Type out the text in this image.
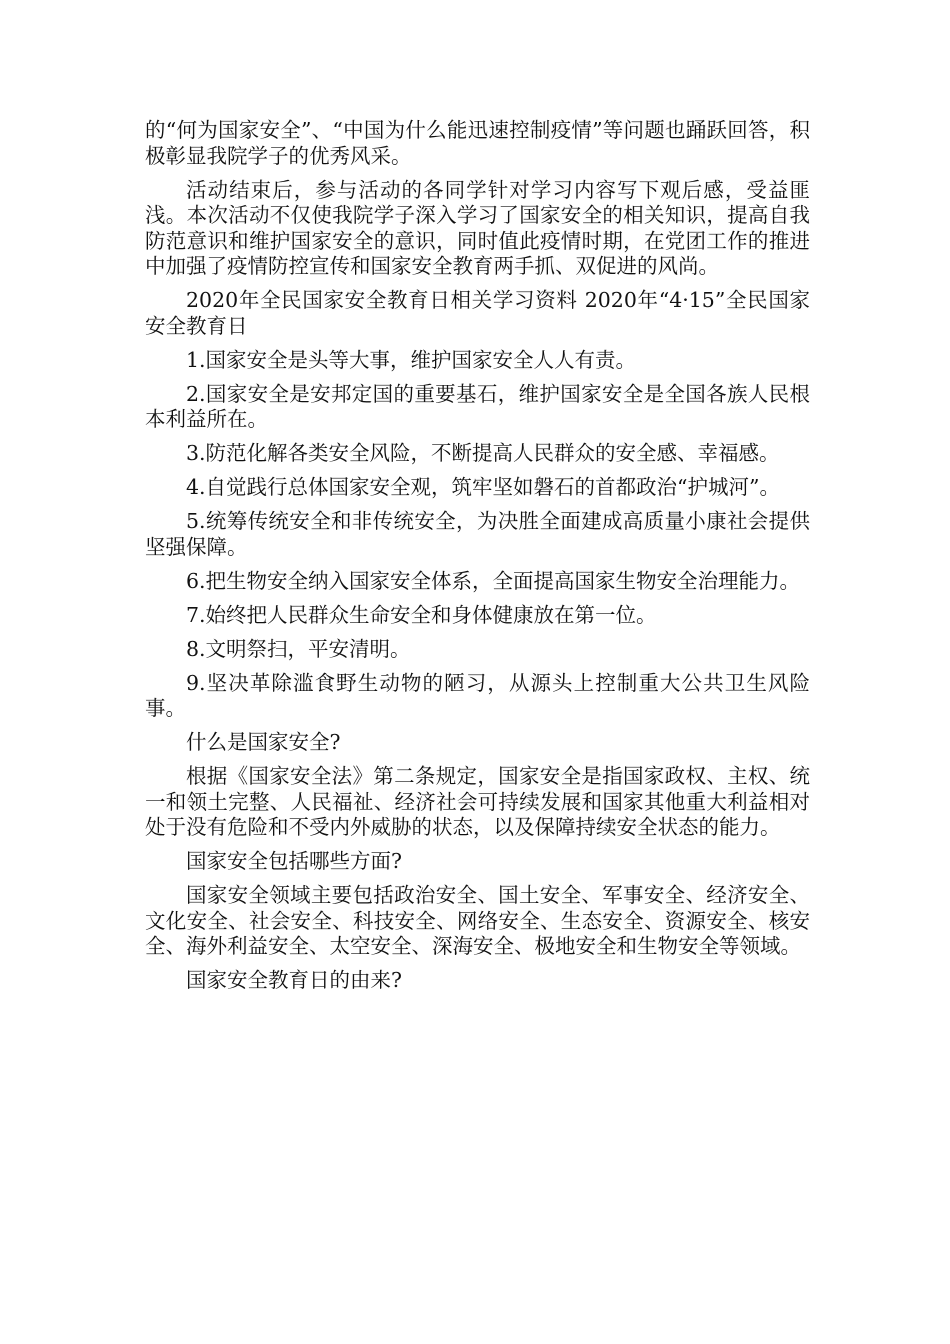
的“何为国家安全”、“中国为什么能迅速控制疫情”等问题也踊跃回答，积极彰显我院学子的优秀风采。

活动结束后，参与活动的各同学针对学习内容写下观后感，受益匪浅。本次活动不仅使我院学子深入学习了国家安全的相关知识，提高自我防范意识和维护国家安全的意识，同时值此疫情时期，在党团工作的推进中加强了疫情防控宣传和国家安全教育两手抓、双促进的风尚。

2020年全民国家安全教育日相关学习资料 2020年“4·15”全民国家安全教育日

1.国家安全是头等大事，维护国家安全人人有责。

2.国家安全是安邦定国的重要基石，维护国家安全是全国各族人民根本利益所在。

3.防范化解各类安全风险，不断提高人民群众的安全感、幸福感。

4.自觉践行总体国家安全观，筑牢坚如磐石的首都政治“护城河”。

5.统筹传统安全和非传统安全，为决胜全面建成高质量小康社会提供坚强保障。

6.把生物安全纳入国家安全体系，全面提高国家生物安全治理能力。

7.始终把人民群众生命安全和身体健康放在第一位。

8.文明祭扫，平安清明。

9.坚决革除滥食野生动物的陋习，从源头上控制重大公共卫生风险事。

什么是国家安全?

根据《国家安全法》第二条规定，国家安全是指国家政权、主权、统一和领土完整、人民福祉、经济社会可持续发展和国家其他重大利益相对处于没有危险和不受内外威胁的状态，以及保障持续安全状态的能力。

国家安全包括哪些方面?

国家安全领域主要包括政治安全、国土安全、军事安全、经济安全、文化安全、社会安全、科技安全、网络安全、生态安全、资源安全、核安全、海外利益安全、太空安全、深海安全、极地安全和生物安全等领域。

国家安全教育日的由来?
